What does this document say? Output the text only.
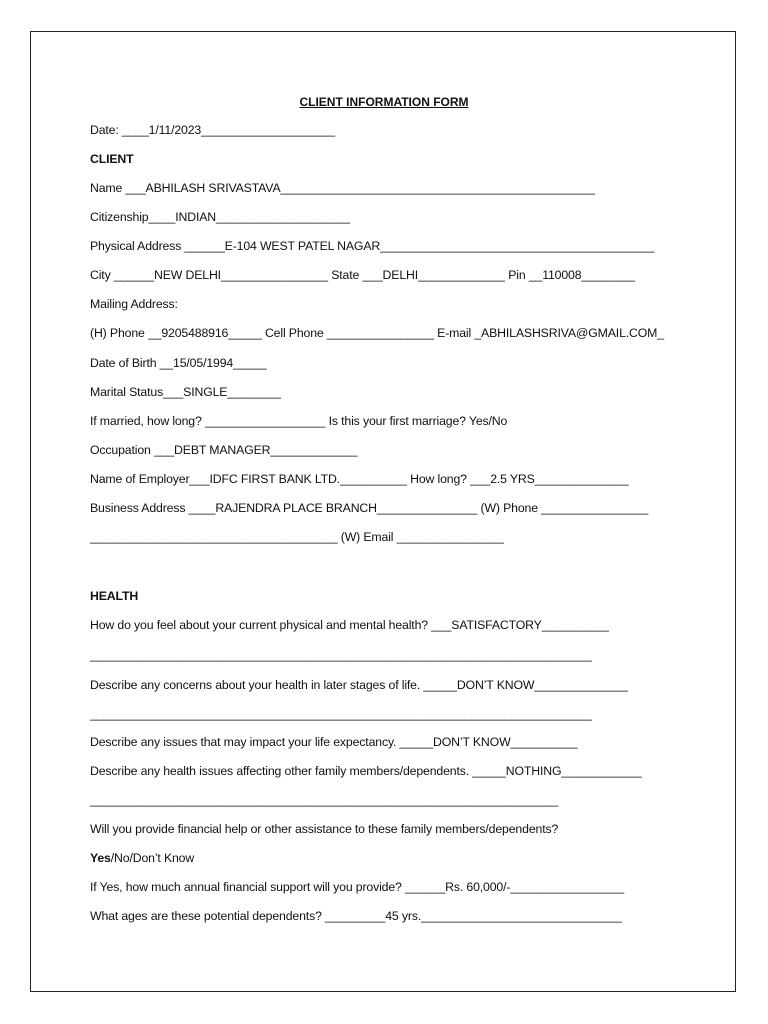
CLIENT INFORMATION FORM
Date: ____1/11/2023____________________
CLIENT
Name ___ABHILASH SRIVASTAVA_______________________________________________
Citizenship____INDIAN____________________
Physical Address ______E-104 WEST PATEL NAGAR_________________________________________
City ______NEW DELHI________________ State ___DELHI_____________ Pin __110008________
Mailing Address:
(H) Phone __9205488916_____ Cell Phone ________________ E-mail _ABHILASHSRIVA@GMAIL.COM_
Date of Birth __15/05/1994_____
Marital Status___SINGLE________
If married, how long? __________________ Is this your first marriage? Yes/No
Occupation ___DEBT MANAGER_____________
Name of Employer___IDFC FIRST BANK LTD.__________ How long? ___2.5 YRS______________
Business Address ____RAJENDRA PLACE BRANCH_______________ (W) Phone ________________
_____________________________________ (W) Email ________________
HEALTH
How do you feel about your current physical and mental health? ___SATISFACTORY__________
___________________________________________________________________________
Describe any concerns about your health in later stages of life. _____DON’T KNOW______________
___________________________________________________________________________
Describe any issues that may impact your life expectancy. _____DON’T KNOW__________
Describe any health issues affecting other family members/dependents. _____NOTHING____________
______________________________________________________________________
Will you provide financial help or other assistance to these family members/dependents?
Yes/No/Don’t Know
If Yes, how much annual financial support will you provide? ______Rs. 60,000/-_________________
What ages are these potential dependents? _________45 yrs.______________________________
